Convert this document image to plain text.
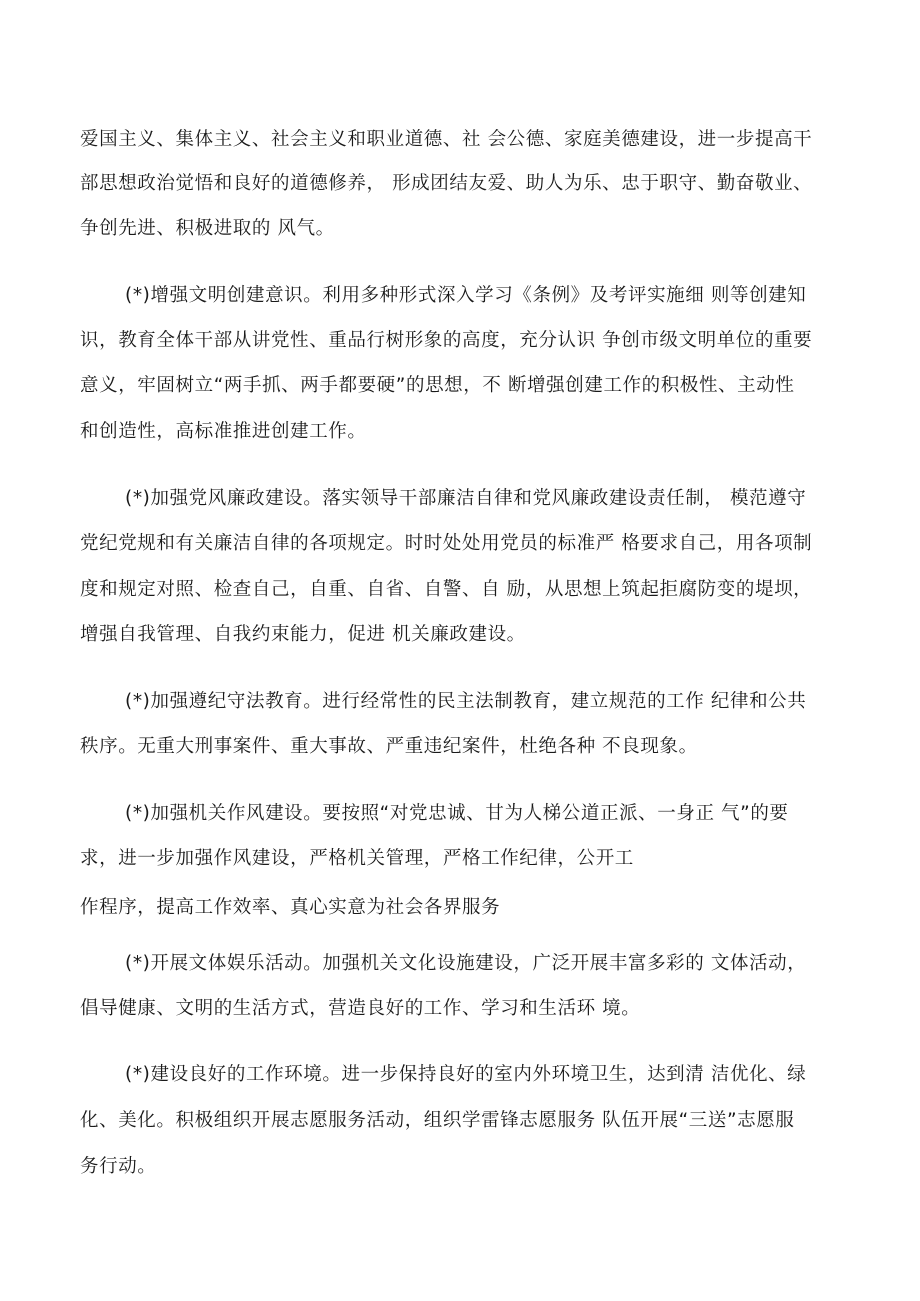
爱国主义、集体主义、社会主义和职业道德、社 会公德、家庭美德建设，进一步提高干
部思想政治觉悟和良好的道德修养， 形成团结友爱、助人为乐、忠于职守、勤奋敬业、
争创先进、积极进取的 风气。
(*)增强文明创建意识。利用多种形式深入学习《条例》及考评实施细 则等创建知
识，教育全体干部从讲党性、重品行树形象的高度，充分认识 争创市级文明单位的重要
意义，牢固树立“两手抓、两手都要硬”的思想，不 断增强创建工作的积极性、主动性
和创造性，高标准推进创建工作。
(*)加强党风廉政建设。落实领导干部廉洁自律和党风廉政建设责任制， 模范遵守
党纪党规和有关廉洁自律的各项规定。时时处处用党员的标准严 格要求自己，用各项制
度和规定对照、检查自己，自重、自省、自警、自 励，从思想上筑起拒腐防变的堤坝，
增强自我管理、自我约束能力，促进 机关廉政建设。
(*)加强遵纪守法教育。进行经常性的民主法制教育，建立规范的工作 纪律和公共
秩序。无重大刑事案件、重大事故、严重违纪案件，杜绝各种 不良现象。
(*)加强机关作风建设。要按照“对党忠诚、甘为人梯公道正派、一身正 气”的要
求，进一步加强作风建设，严格机关管理，严格工作纪律，公开工
作程序，提高工作效率、真心实意为社会各界服务
(*)开展文体娱乐活动。加强机关文化设施建设，广泛开展丰富多彩的 文体活动，
倡导健康、文明的生活方式，营造良好的工作、学习和生活环 境。
(*)建设良好的工作环境。进一步保持良好的室内外环境卫生，达到清 洁优化、绿
化、美化。积极组织开展志愿服务活动，组织学雷锋志愿服务 队伍开展“三送”志愿服
务行动。
